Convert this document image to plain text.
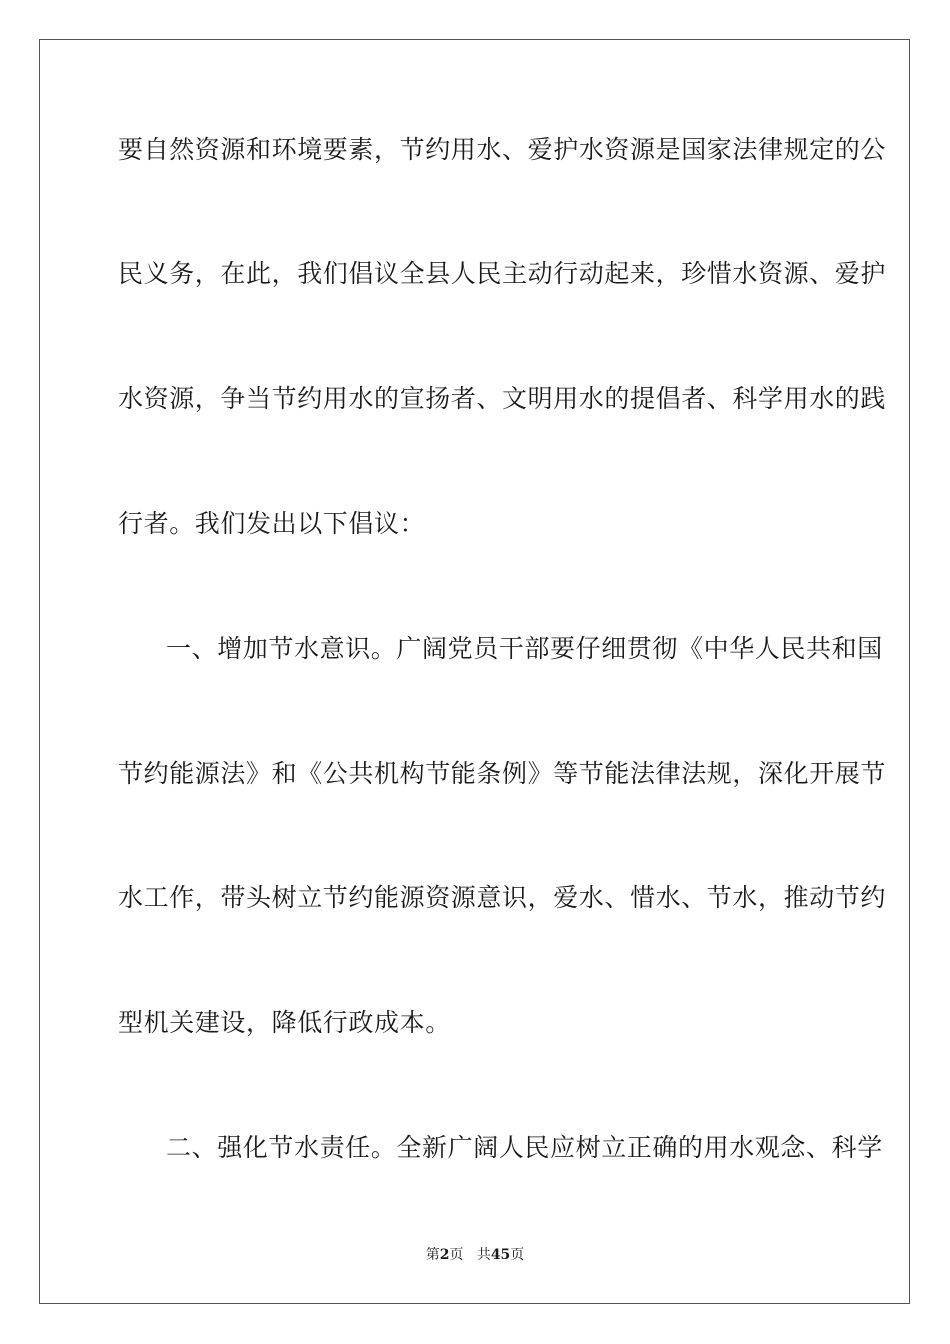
要自然资源和环境要素，节约用水、爱护水资源是国家法律规定的公
民义务，在此，我们倡议全县人民主动行动起来，珍惜水资源、爱护
水资源，争当节约用水的宣扬者、文明用水的提倡者、科学用水的践
行者。我们发出以下倡议：
一、增加节水意识。广阔党员干部要仔细贯彻《中华人民共和国
节约能源法》和《公共机构节能条例》等节能法律法规，深化开展节
水工作，带头树立节约能源资源意识，爱水、惜水、节水，推动节约
型机关建设，降低行政成本。
二、强化节水责任。全新广阔人民应树立正确的用水观念、科学
第2页 共45页
